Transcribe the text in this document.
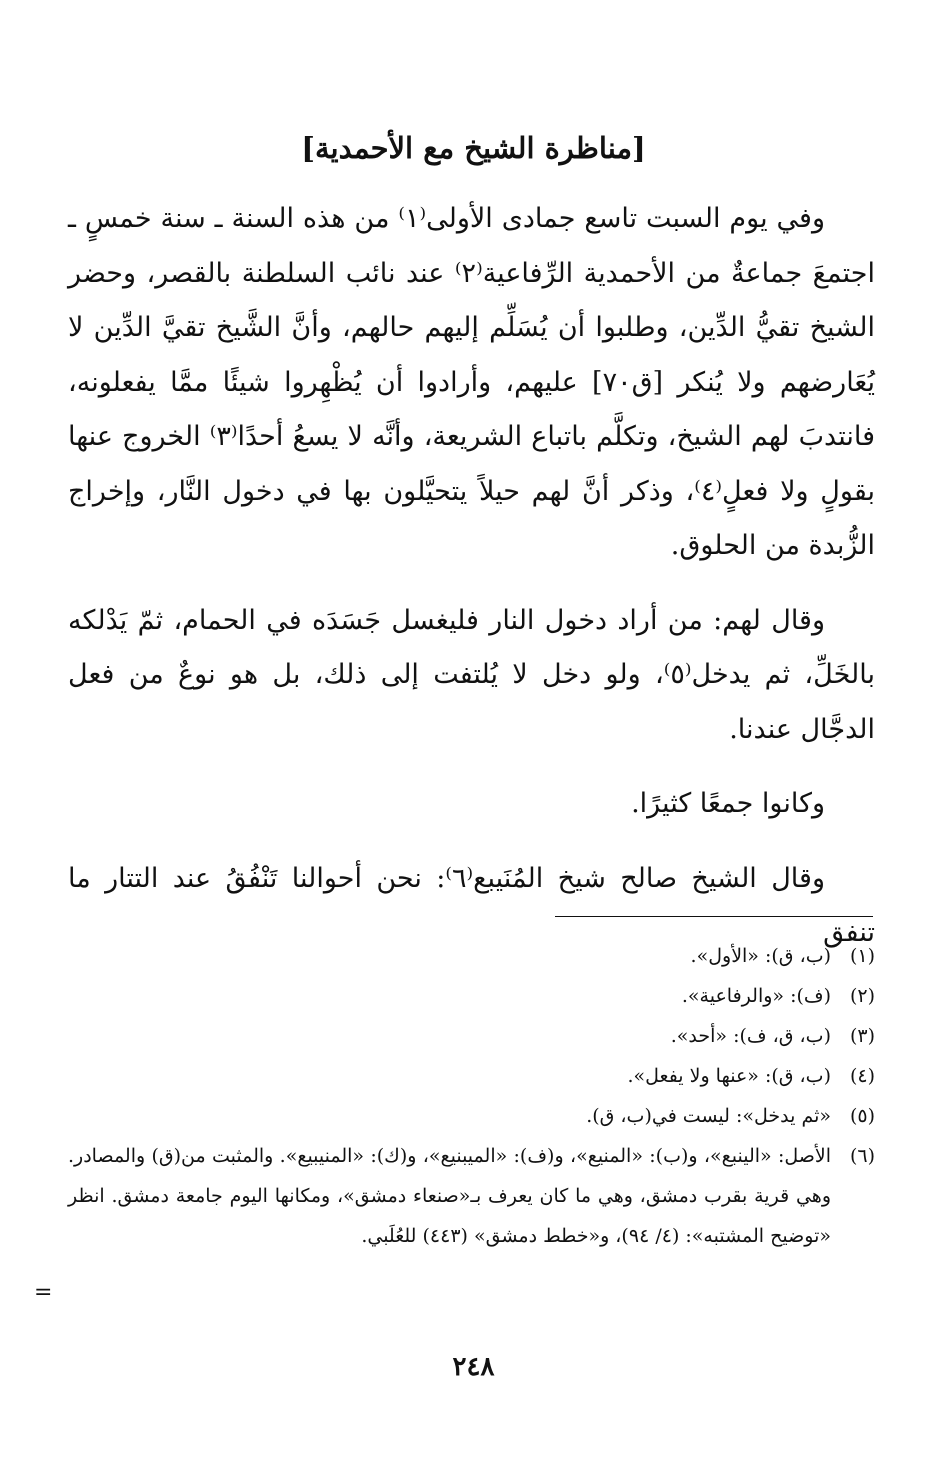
[مناظرة الشيخ مع الأحمدية]

وفي يوم السبت تاسع جمادى الأولى⁽١⁾ من هذه السنة ـ سنة خمسٍ ـ اجتمعَ جماعةٌ من الأحمدية الرِّفاعية⁽٢⁾ عند نائب السلطنة بالقصر، وحضر الشيخ تقيُّ الدِّين، وطلبوا أن يُسَلِّم إليهم حالهم، وأنَّ الشَّيخ تقيَّ الدِّين لا يُعَارضهم ولا يُنكر [ق٧٠] عليهم، وأرادوا أن يُظْهِروا شيئًا ممَّا يفعلونه، فانتدبَ لهم الشيخ، وتكلَّم باتباع الشريعة، وأنَّه لا يسعُ أحدًا⁽٣⁾ الخروج عنها بقولٍ ولا فعلٍ⁽٤⁾، وذكر أنَّ لهم حيلاً يتحيَّلون بها في دخول النَّار، وإخراج الزُّبدة من الحلوق.

وقال لهم: من أراد دخول النار فليغسل جَسَدَه في الحمام، ثمّ يَدْلكه بالخَلِّ، ثم يدخل⁽٥⁾، ولو دخل لا يُلتفت إلى ذلك، بل هو نوعٌ من فعل الدجَّال عندنا.

وكانوا جمعًا كثيرًا.

وقال الشيخ صالح شيخ المُنَيبع⁽٦⁾: نحن أحوالنا تَنْفُقُ عند التتار ما تنفق

(١)
(ب، ق): «الأول».
(٢)
(ف): «والرفاعية».
(٣)
(ب، ق، ف): «أحد».
(٤)
(ب، ق): «عنها ولا يفعل».
(٥)
«ثم يدخل»: ليست في(ب، ق).
(٦)
الأصل: «الينبع»، و(ب): «المنيع»، و(ف): «الميبنيع»، و(ك): «المنيبيع». والمثبت من(ق) والمصادر. وهي قرية بقرب دمشق، وهي ما كان يعرف بـ«صنعاء دمشق»، ومكانها اليوم جامعة دمشق. انظر «توضيح المشتبه»: (٤/ ٩٤)، و«خطط دمشق» (٤٤٣) للعُلَبي.
=
٢٤٨
